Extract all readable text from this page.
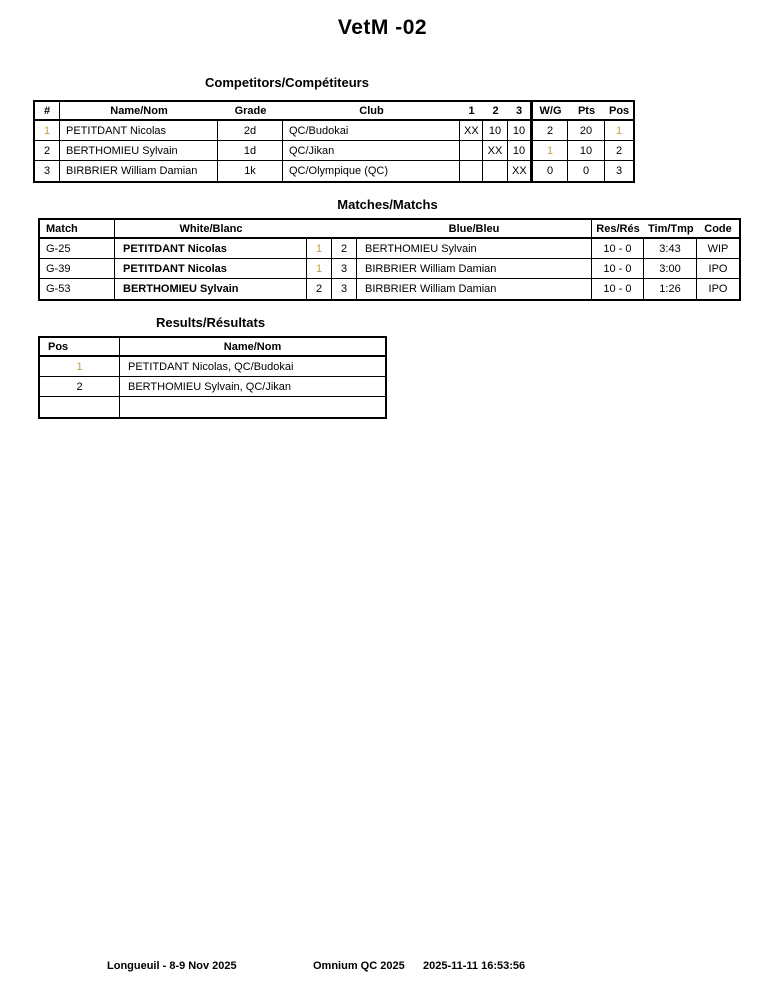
VetM -02
Competitors/Compétiteurs
#	Name/Nom	Grade	Club	1	2	3	W/G	Pts	Pos
1	PETITDANT Nicolas	2d	QC/Budokai	XX	10	10	2	20	1
2	BERTHOMIEU Sylvain	1d	QC/Jikan		XX	10	1	10	2
3	BIRBRIER William Damian	1k	QC/Olympique (QC)			XX	0	0	3
Matches/Matchs
Match	White/Blanc			Blue/Bleu	Res/Rés	Tim/Tmp	Code
G-25	PETITDANT Nicolas	1	2	BERTHOMIEU Sylvain	10 - 0	3:43	WIP
G-39	PETITDANT Nicolas	1	3	BIRBRIER William Damian	10 - 0	3:00	IPO
G-53	BERTHOMIEU Sylvain	2	3	BIRBRIER William Damian	10 - 0	1:26	IPO
Results/Résultats
Pos	Name/Nom
1	PETITDANT Nicolas, QC/Budokai
2	BERTHOMIEU Sylvain, QC/Jikan

Longueuil - 8-9 Nov 2025	Omnium QC 2025 2025-11-11 16:53:56
